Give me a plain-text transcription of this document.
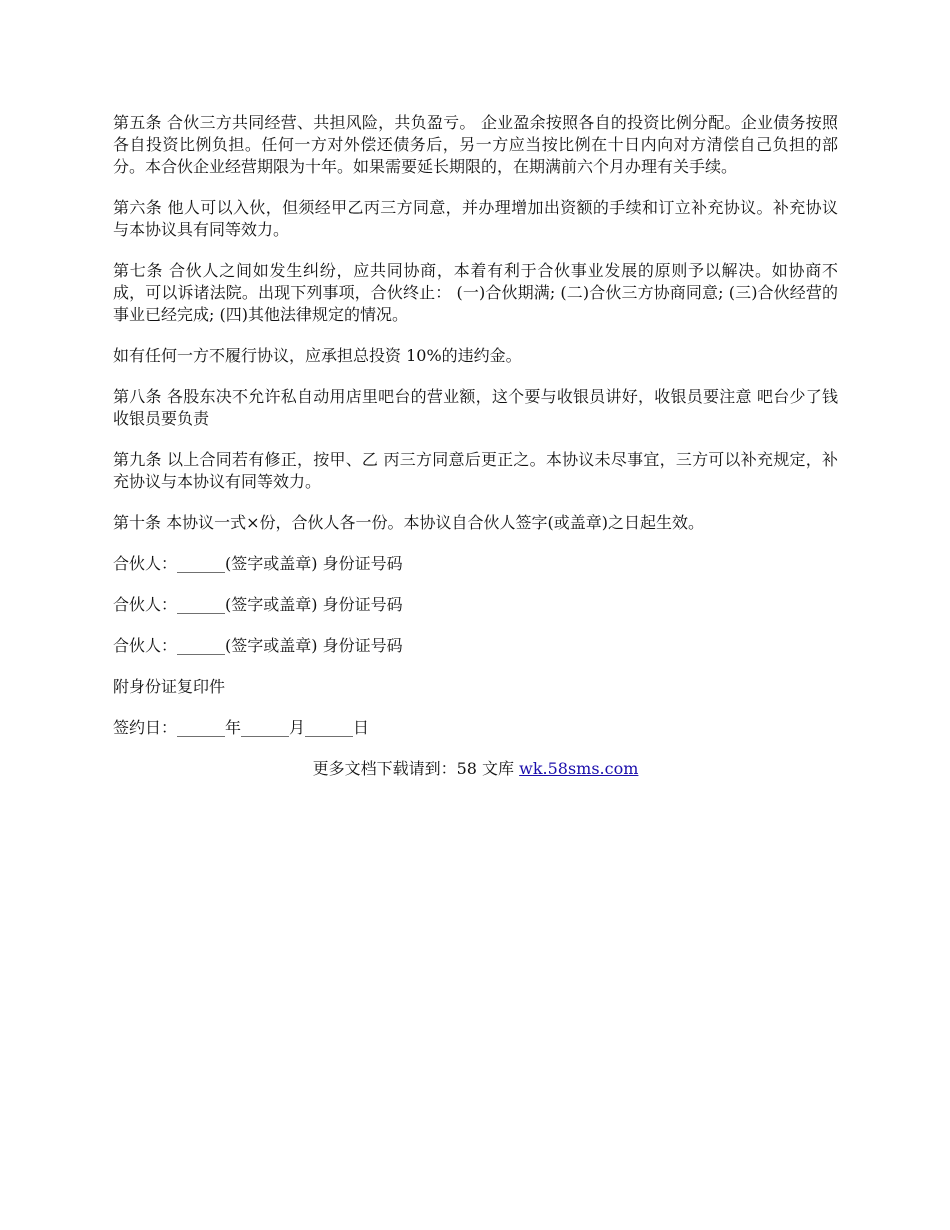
第五条 合伙三方共同经营、共担风险，共负盈亏。 企业盈余按照各自的投资比例分配。企业债务按照各自投资比例负担。任何一方对外偿还债务后，另一方应当按比例在十日内向对方清偿自己负担的部分。本合伙企业经营期限为十年。如果需要延长期限的，在期满前六个月办理有关手续。

第六条 他人可以入伙，但须经甲乙丙三方同意，并办理增加出资额的手续和订立补充协议。补充协议与本协议具有同等效力。

第七条 合伙人之间如发生纠纷，应共同协商，本着有利于合伙事业发展的原则予以解决。如协商不成，可以诉诸法院。出现下列事项，合伙终止： (一)合伙期满; (二)合伙三方协商同意; (三)合伙经营的事业已经完成; (四)其他法律规定的情况。

如有任何一方不履行协议，应承担总投资 10%的违约金。

第八条 各股东决不允许私自动用店里吧台的营业额，这个要与收银员讲好，收银员要注意 吧台少了钱收银员要负责

第九条 以上合同若有修正，按甲、乙 丙三方同意后更正之。本协议未尽事宜，三方可以补充规定，补充协议与本协议有同等效力。

第十条 本协议一式×份，合伙人各一份。本协议自合伙人签字(或盖章)之日起生效。

合伙人：______(签字或盖章) 身份证号码

合伙人：______(签字或盖章) 身份证号码

合伙人：______(签字或盖章) 身份证号码

附身份证复印件

签约日：______年______月______日

更多文档下载请到：58 文库 wk.58sms.com
